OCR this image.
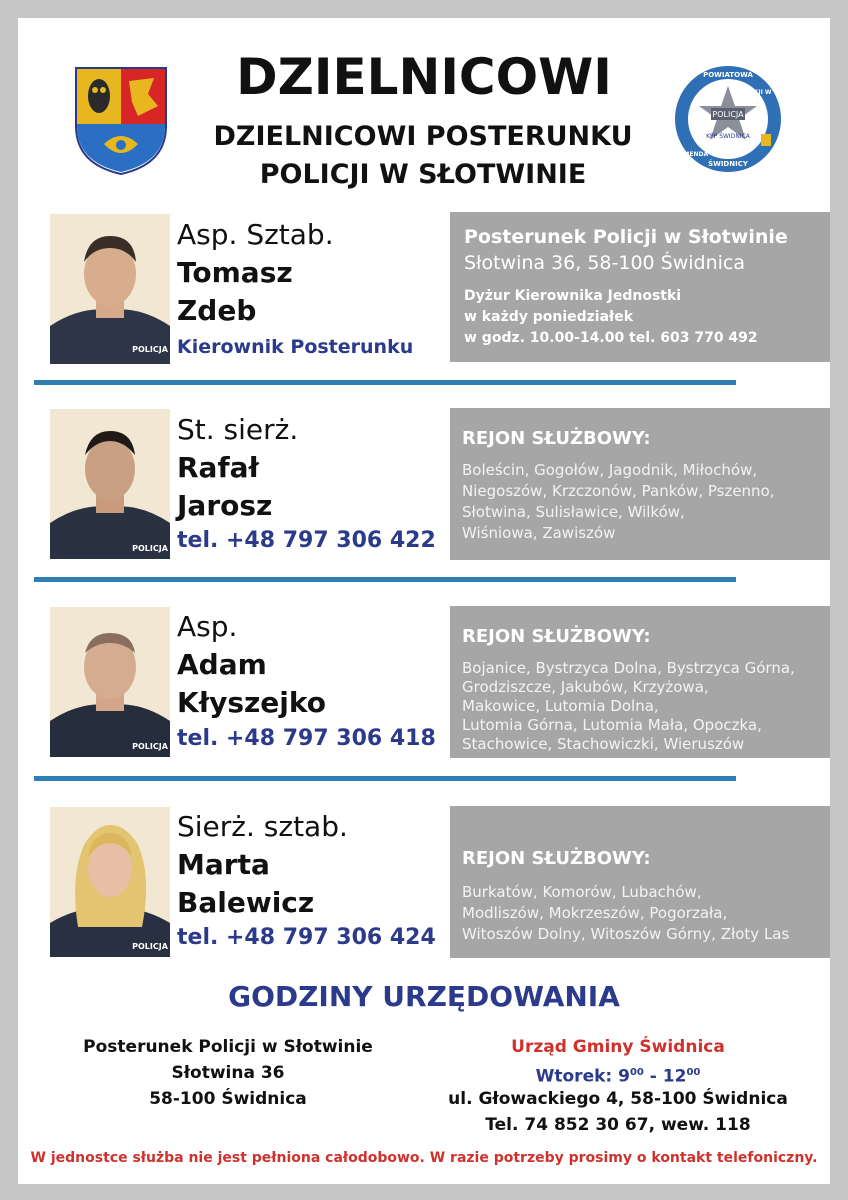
DZIELNICOWI
DZIELNICOWI POSTERUNKU
POLICJI W SŁOTWINIE
POLICJA
KPP ŚWIDNICA
POWIATOWA
POLICJI W
KOMENDA
ŚWIDNICY
POLICJA
Asp. Sztab.
Tomasz
Zdeb
Kierownik Posterunku
Posterunek Policji w Słotwinie
Słotwina 36, 58-100 Świdnica
Dyżur Kierownika Jednostki
w każdy poniedziałek
w godz. 10.00-14.00 tel. 603 770 492
POLICJA
St. sierż.
Rafał
Jarosz
tel. +48 797 306 422
REJON SŁUŻBOWY:
Boleścin, Gogołów, Jagodnik, Miłochów,
Niegoszów, Krzczonów, Panków, Pszenno,
Słotwina, Sulisławice, Wilków,
Wiśniowa, Zawiszów
POLICJA
Asp.
Adam
Kłyszejko
tel. +48 797 306 418
REJON SŁUŻBOWY:
Bojanice, Bystrzyca Dolna, Bystrzyca Górna,
Grodziszcze, Jakubów, Krzyżowa,
Makowice, Lutomia Dolna,
Lutomia Górna, Lutomia Mała, Opoczka,
Stachowice, Stachowiczki, Wieruszów
POLICJA
Sierż. sztab.
Marta
Balewicz
tel. +48 797 306 424
REJON SŁUŻBOWY:
Burkatów, Komorów, Lubachów,
Modliszów, Mokrzeszów, Pogorzała,
Witoszów Dolny, Witoszów Górny, Złoty Las
GODZINY URZĘDOWANIA
Posterunek Policji w Słotwinie
Słotwina 36
58-100 Świdnica
Urząd Gminy Świdnica
Wtorek: $9^{00} - 12^{00}$
ul. Głowackiego 4, 58-100 Świdnica
Tel. 74 852 30 67, wew. 118
W jednostce służba nie jest pełniona całodobowo. W razie potrzeby prosimy o kontakt telefoniczny.
